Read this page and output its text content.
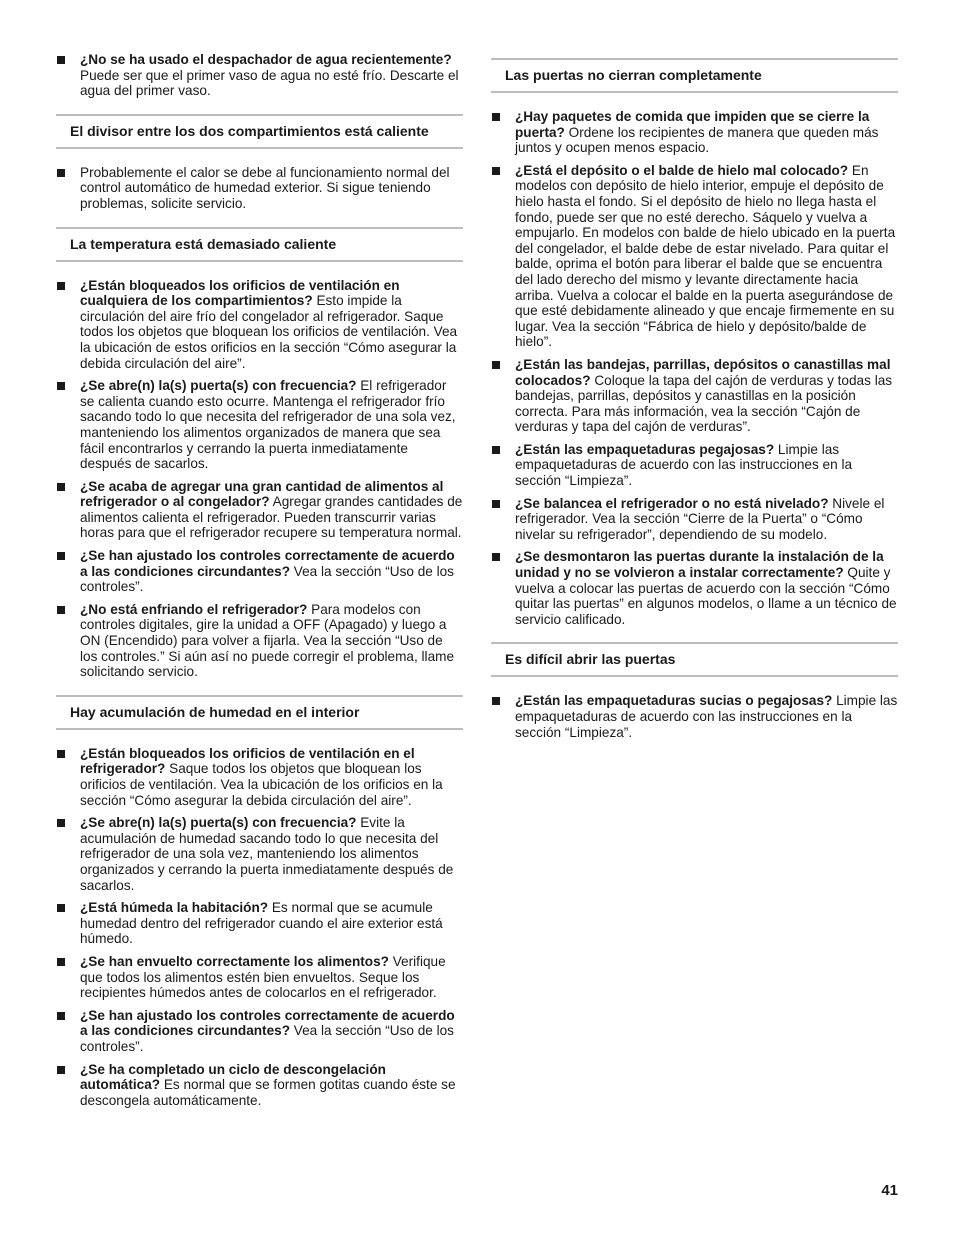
¿No se ha usado el despachador de agua recientemente? Puede ser que el primer vaso de agua no esté frío. Descarte el agua del primer vaso.
El divisor entre los dos compartimientos está caliente
Probablemente el calor se debe al funcionamiento normal del control automático de humedad exterior. Si sigue teniendo problemas, solicite servicio.
La temperatura está demasiado caliente
¿Están bloqueados los orificios de ventilación en cualquiera de los compartimientos? Esto impide la circulación del aire frío del congelador al refrigerador. Saque todos los objetos que bloquean los orificios de ventilación. Vea la ubicación de estos orificios en la sección “Cómo asegurar la debida circulación del aire”.
¿Se abre(n) la(s) puerta(s) con frecuencia? El refrigerador se calienta cuando esto ocurre. Mantenga el refrigerador frío sacando todo lo que necesita del refrigerador de una sola vez, manteniendo los alimentos organizados de manera que sea fácil encontrarlos y cerrando la puerta inmediatamente después de sacarlos.
¿Se acaba de agregar una gran cantidad de alimentos al refrigerador o al congelador? Agregar grandes cantidades de alimentos calienta el refrigerador. Pueden transcurrir varias horas para que el refrigerador recupere su temperatura normal.
¿Se han ajustado los controles correctamente de acuerdo a las condiciones circundantes? Vea la sección “Uso de los controles”.
¿No está enfriando el refrigerador? Para modelos con controles digitales, gire la unidad a OFF (Apagado) y luego a ON (Encendido) para volver a fijarla. Vea la sección “Uso de los controles.” Si aún así no puede corregir el problema, llame solicitando servicio.
Hay acumulación de humedad en el interior
¿Están bloqueados los orificios de ventilación en el refrigerador? Saque todos los objetos que bloquean los orificios de ventilación. Vea la ubicación de los orificios en la sección “Cómo asegurar la debida circulación del aire”.
¿Se abre(n) la(s) puerta(s) con frecuencia? Evite la acumulación de humedad sacando todo lo que necesita del refrigerador de una sola vez, manteniendo los alimentos organizados y cerrando la puerta inmediatamente después de sacarlos.
¿Está húmeda la habitación? Es normal que se acumule humedad dentro del refrigerador cuando el aire exterior está húmedo.
¿Se han envuelto correctamente los alimentos? Verifique que todos los alimentos estén bien envueltos. Seque los recipientes húmedos antes de colocarlos en el refrigerador.
¿Se han ajustado los controles correctamente de acuerdo a las condiciones circundantes? Vea la sección “Uso de los controles”.
¿Se ha completado un ciclo de descongelación automática? Es normal que se formen gotitas cuando éste se descongela automáticamente.
Las puertas no cierran completamente
¿Hay paquetes de comida que impiden que se cierre la puerta? Ordene los recipientes de manera que queden más juntos y ocupen menos espacio.
¿Está el depósito o el balde de hielo mal colocado? En modelos con depósito de hielo interior, empuje el depósito de hielo hasta el fondo. Si el depósito de hielo no llega hasta el fondo, puede ser que no esté derecho. Sáquelo y vuelva a empujarlo. En modelos con balde de hielo ubicado en la puerta del congelador, el balde debe de estar nivelado. Para quitar el balde, oprima el botón para liberar el balde que se encuentra del lado derecho del mismo y levante directamente hacia arriba. Vuelva a colocar el balde en la puerta asegurándose de que esté debidamente alineado y que encaje firmemente en su lugar. Vea la sección “Fábrica de hielo y depósito/balde de hielo”.
¿Están las bandejas, parrillas, depósitos o canastillas mal colocados? Coloque la tapa del cajón de verduras y todas las bandejas, parrillas, depósitos y canastillas en la posición correcta. Para más información, vea la sección “Cajón de verduras y tapa del cajón de verduras”.
¿Están las empaquetaduras pegajosas? Limpie las empaquetaduras de acuerdo con las instrucciones en la sección “Limpieza”.
¿Se balancea el refrigerador o no está nivelado? Nivele el refrigerador. Vea la sección “Cierre de la Puerta” o “Cómo nivelar su refrigerador”, dependiendo de su modelo.
¿Se desmontaron las puertas durante la instalación de la unidad y no se volvieron a instalar correctamente? Quite y vuelva a colocar las puertas de acuerdo con la sección “Cómo quitar las puertas” en algunos modelos, o llame a un técnico de servicio calificado.
Es difícil abrir las puertas
¿Están las empaquetaduras sucias o pegajosas? Limpie las empaquetaduras de acuerdo con las instrucciones en la sección “Limpieza”.
41
